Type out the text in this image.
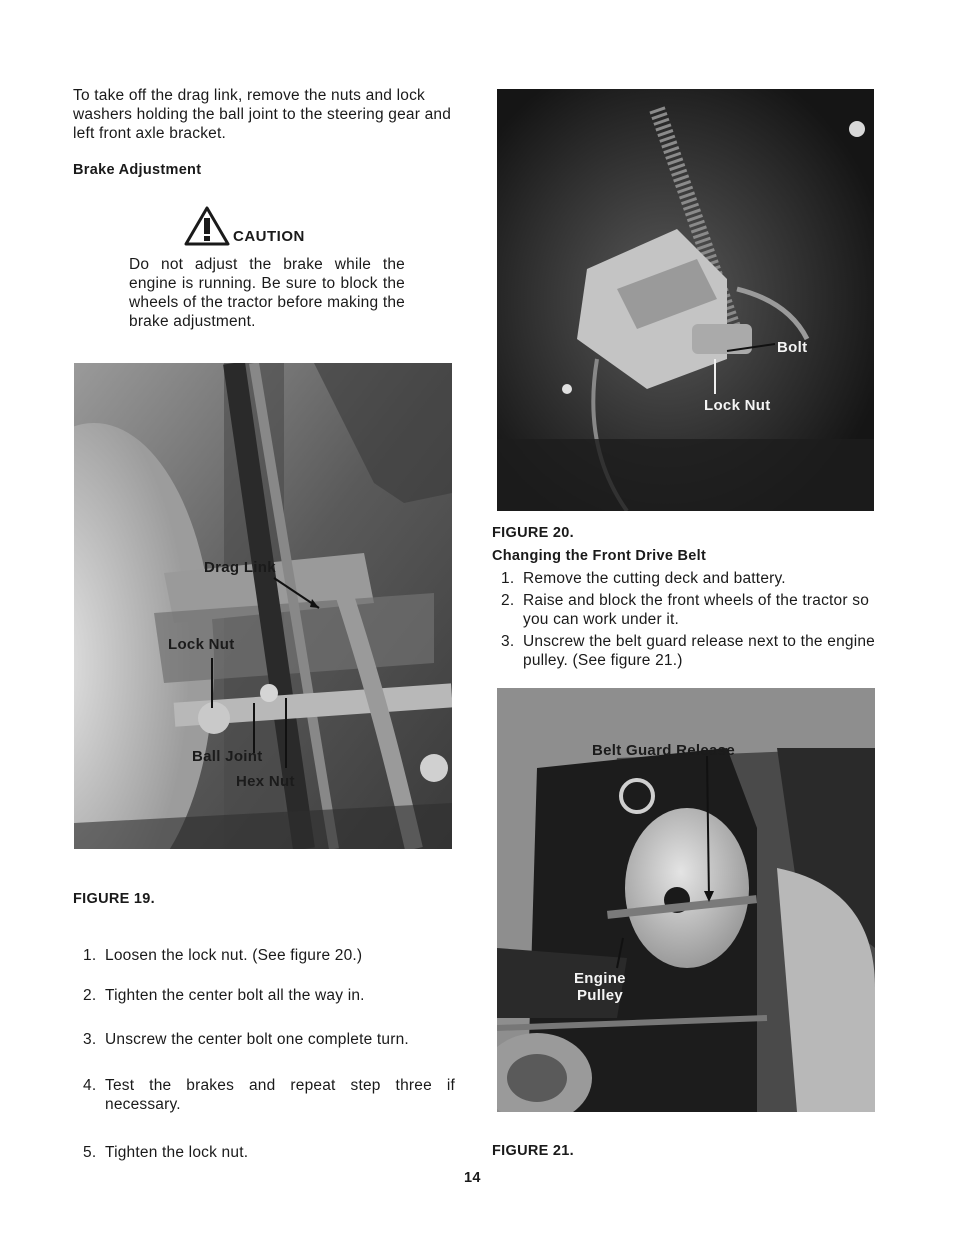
To take off the drag link, remove the nuts and lock washers holding the ball joint to the steering gear and left front axle bracket.
Brake Adjustment
CAUTION
Do not adjust the brake while the engine is running. Be sure to block the wheels of the tractor before making the brake adjustment.
Drag Link
Lock Nut
Ball Joint
Hex Nut
FIGURE 19.
1. Loosen the lock nut. (See figure 20.)
2. Tighten the center bolt all the way in.
3. Unscrew the center bolt one complete turn.
4. Test the brakes and repeat step three if necessary.
5. Tighten the lock nut.
Bolt
Lock Nut
FIGURE 20.
Changing the Front Drive Belt
1. Remove the cutting deck and battery.
2. Raise and block the front wheels of the tractor so you can work under it.
3. Unscrew the belt guard release next to the engine pulley. (See figure 21.)
Belt Guard Release
Engine
Pulley
FIGURE 21.
14
